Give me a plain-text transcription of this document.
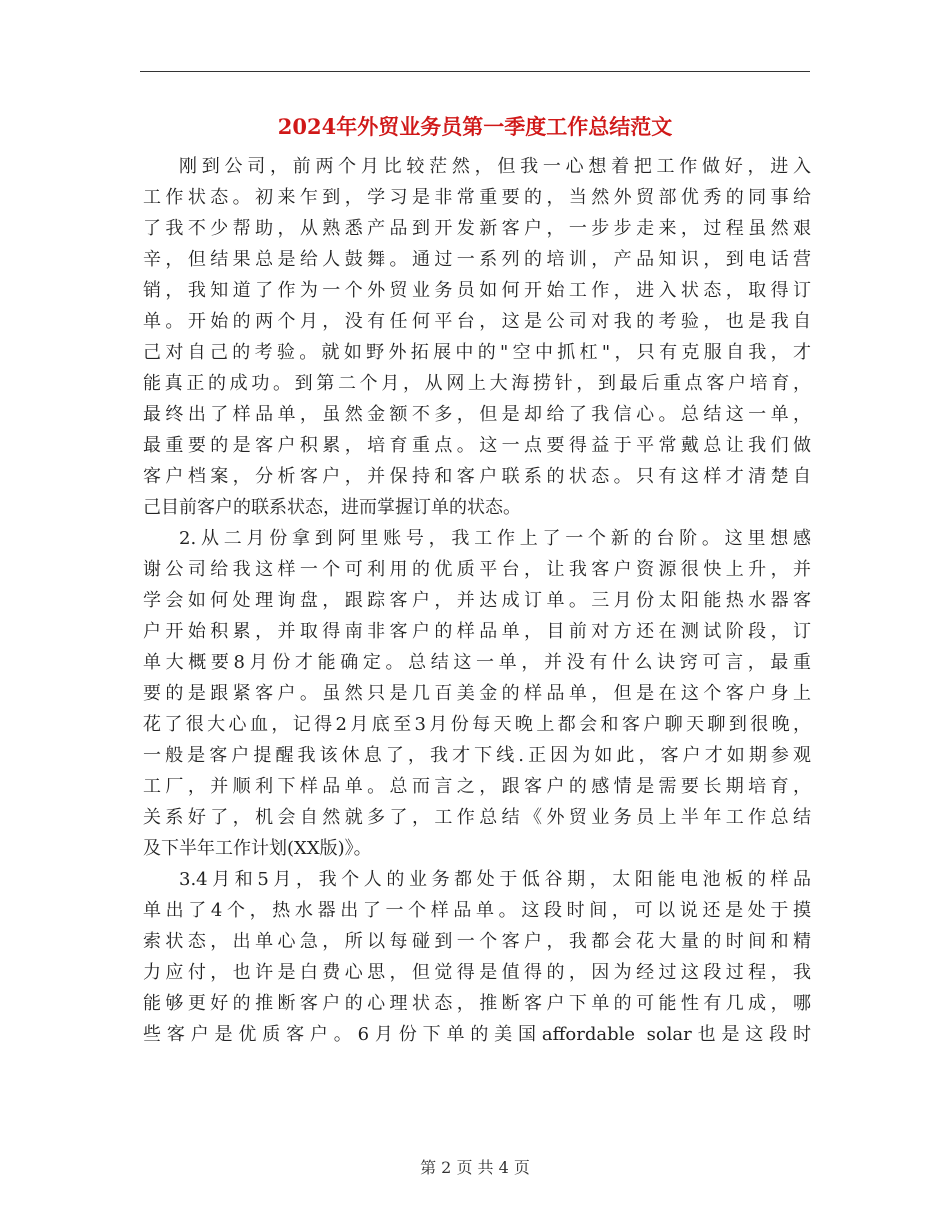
2024年外贸业务员第一季度工作总结范文

刚到公司，前两个月比较茫然，但我一心想着把工作做好，进入
工作状态。初来乍到，学习是非常重要的，当然外贸部优秀的同事给
了我不少帮助，从熟悉产品到开发新客户，一步步走来，过程虽然艰
辛，但结果总是给人鼓舞。通过一系列的培训，产品知识，到电话营
销，我知道了作为一个外贸业务员如何开始工作，进入状态，取得订
单。开始的两个月，没有任何平台，这是公司对我的考验，也是我自
己对自己的考验。就如野外拓展中的"空中抓杠"，只有克服自我，才
能真正的成功。到第二个月，从网上大海捞针，到最后重点客户培育，
最终出了样品单，虽然金额不多，但是却给了我信心。总结这一单，
最重要的是客户积累，培育重点。这一点要得益于平常戴总让我们做
客户档案，分析客户，并保持和客户联系的状态。只有这样才清楚自
己目前客户的联系状态，进而掌握订单的状态。

2.从二月份拿到阿里账号，我工作上了一个新的台阶。这里想感
谢公司给我这样一个可利用的优质平台，让我客户资源很快上升，并
学会如何处理询盘，跟踪客户，并达成订单。三月份太阳能热水器客
户开始积累，并取得南非客户的样品单，目前对方还在测试阶段，订
单大概要8月份才能确定。总结这一单，并没有什么诀窍可言，最重
要的是跟紧客户。虽然只是几百美金的样品单，但是在这个客户身上
花了很大心血，记得2月底至3月份每天晚上都会和客户聊天聊到很晚，
一般是客户提醒我该休息了，我才下线.正因为如此，客户才如期参观
工厂，并顺利下样品单。总而言之，跟客户的感情是需要长期培育，
关系好了，机会自然就多了，工作总结《外贸业务员上半年工作总结
及下半年工作计划(XX版)》。

3.4月和5月，我个人的业务都处于低谷期，太阳能电池板的样品
单出了4个，热水器出了一个样品单。这段时间，可以说还是处于摸
索状态，出单心急，所以每碰到一个客户，我都会花大量的时间和精
力应付，也许是白费心思，但觉得是值得的，因为经过这段过程，我
能够更好的推断客户的心理状态，推断客户下单的可能性有几成，哪
些客户是优质客户。6月份下单的美国affordable solar也是这段时

第 2 页 共 4 页
